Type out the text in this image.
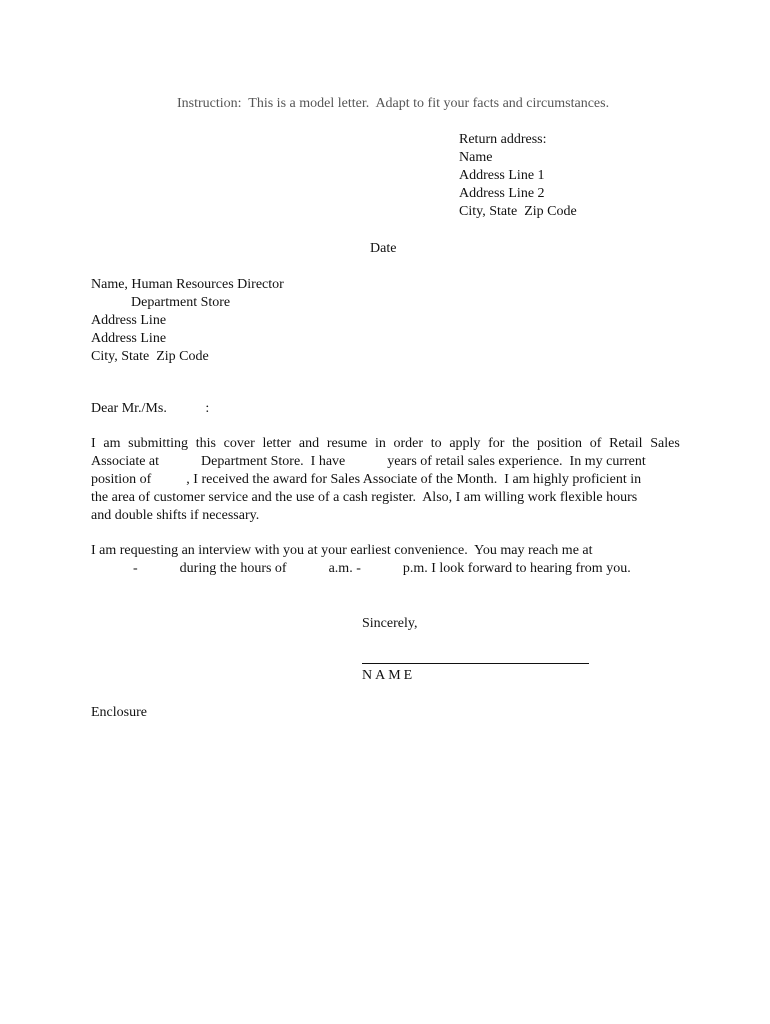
Instruction:  This is a model letter.  Adapt to fit your facts and circumstances.
Return address:
Name
Address Line 1
Address Line 2
City, State  Zip Code
Date
Name, Human Resources Director
Department Store
Address Line
Address Line
City, State  Zip Code
Dear Mr./Ms.           :
I am submitting this cover letter and resume in order to apply for the position of Retail Sales
Associate at            Department Store.  I have            years of retail sales experience.  In my current
position of          , I received the award for Sales Associate of the Month.  I am highly proficient in
the area of customer service and the use of a cash register.  Also, I am willing work flexible hours
and double shifts if necessary.
I am requesting an interview with you at your earliest convenience.  You may reach me at
-            during the hours of            a.m. -            p.m. I look forward to hearing from you.
Sincerely,
NAME
Enclosure
